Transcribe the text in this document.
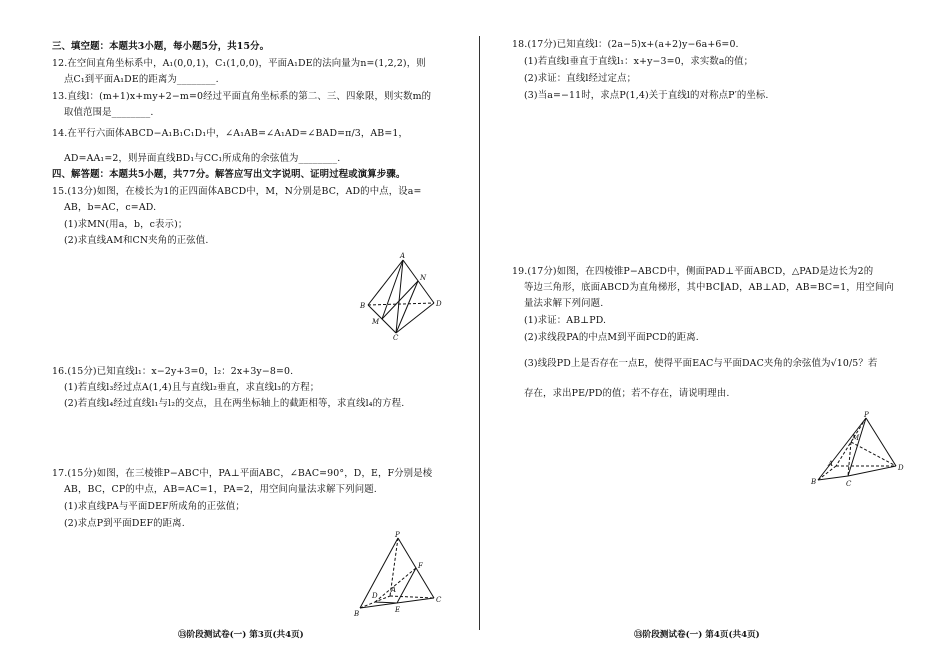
三、填空题：本题共3小题，每小题5分，共15分。
12.在空间直角坐标系中，A₁(0,0,1)，C₁(1,0,0)，平面A₁DE的法向量为n=(1,2,2)，则
点C₁到平面A₁DE的距离为________.
13.直线l：(m+1)x+my+2−m=0经过平面直角坐标系的第二、三、四象限，则实数m的
取值范围是________.
14.在平行六面体ABCD−A₁B₁C₁D₁中，∠A₁AB=∠A₁AD=∠BAD=π/3，AB=1，
AD=AA₁=2，则异面直线BD₁与CC₁所成角的余弦值为________.
四、解答题：本题共5小题，共77分。解答应写出文字说明、证明过程或演算步骤。
15.(13分)如图，在棱长为1的正四面体ABCD中，M，N分别是BC，AD的中点，设a=
AB，b=AC，c=AD.
(1)求MN(用a，b，c表示)；
(2)求直线AM和CN夹角的正弦值.
A
B
C
D
M
N
16.(15分)已知直线l₁：x−2y+3=0，l₂：2x+3y−8=0.
(1)若直线l₃经过点A(1,4)且与直线l₂垂直，求直线l₃的方程；
(2)若直线l₄经过直线l₁与l₂的交点，且在两坐标轴上的截距相等，求直线l₄的方程.
17.(15分)如图，在三棱锥P−ABC中，PA⊥平面ABC，∠BAC=90°，D，E，F分别是棱
AB，BC，CP的中点，AB=AC=1，PA=2，用空间向量法求解下列问题.
(1)求直线PA与平面DEF所成角的正弦值；
(2)求点P到平面DEF的距离.
P
A
B
C
D
E
F
⑬阶段测试卷(一) 第3页(共4页)
18.(17分)已知直线l：(2a−5)x+(a+2)y−6a+6=0.
(1)若直线l垂直于直线l₁：x+y−3=0，求实数a的值；
(2)求证：直线l经过定点；
(3)当a=−11时，求点P(1,4)关于直线l的对称点P′的坐标.
19.(17分)如图，在四棱锥P−ABCD中，侧面PAD⊥平面ABCD，△PAD是边长为2的
等边三角形，底面ABCD为直角梯形，其中BC∥AD，AB⊥AD，AB=BC=1，用空间向
量法求解下列问题.
(1)求证：AB⊥PD.
(2)求线段PA的中点M到平面PCD的距离.
(3)线段PD上是否存在一点E，使得平面EAC与平面DAC夹角的余弦值为√10/5？若
存在，求出PE/PD的值；若不存在，请说明理由.
P
A
B	C
D
M
⑬阶段测试卷(一) 第4页(共4页)
